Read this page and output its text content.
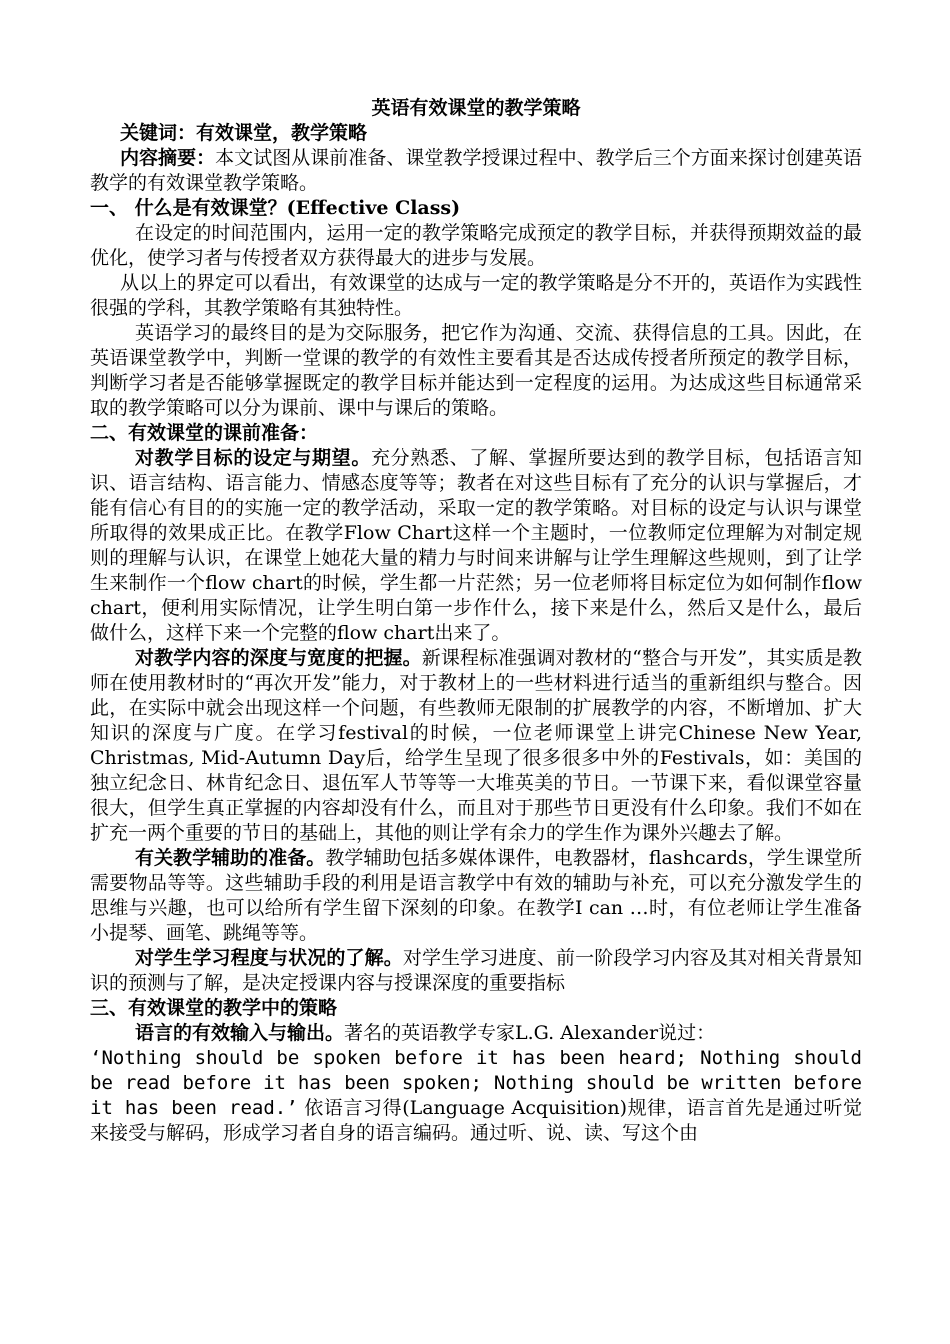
英语有效课堂的教学策略

关键词：有效课堂，教学策略

内容摘要：本文试图从课前准备、课堂教学授课过程中、教学后三个方面来探讨创建英语教学的有效课堂教学策略。

一、 什么是有效课堂？(Effective Class)

在设定的时间范围内，运用一定的教学策略完成预定的教学目标，并获得预期效益的最优化，使学习者与传授者双方获得最大的进步与发展。

从以上的界定可以看出，有效课堂的达成与一定的教学策略是分不开的，英语作为实践性很强的学科，其教学策略有其独特性。

英语学习的最终目的是为交际服务，把它作为沟通、交流、获得信息的工具。因此，在英语课堂教学中，判断一堂课的教学的有效性主要看其是否达成传授者所预定的教学目标，判断学习者是否能够掌握既定的教学目标并能达到一定程度的运用。为达成这些目标通常采取的教学策略可以分为课前、课中与课后的策略。

二、有效课堂的课前准备：

对教学目标的设定与期望。充分熟悉、了解、掌握所要达到的教学目标，包括语言知识、语言结构、语言能力、情感态度等等；教者在对这些目标有了充分的认识与掌握后，才能有信心有目的的实施一定的教学活动，采取一定的教学策略。对目标的设定与认识与课堂所取得的效果成正比。在教学Flow Chart这样一个主题时，一位教师定位理解为对制定规则的理解与认识，在课堂上她花大量的精力与时间来讲解与让学生理解这些规则，到了让学生来制作一个flow chart的时候，学生都一片茫然；另一位老师将目标定位为如何制作flow chart，便利用实际情况，让学生明白第一步作什么，接下来是什么，然后又是什么，最后做什么，这样下来一个完整的flow chart出来了。

对教学内容的深度与宽度的把握。新课程标准强调对教材的“整合与开发”，其实质是教师在使用教材时的“再次开发”能力，对于教材上的一些材料进行适当的重新组织与整合。因此，在实际中就会出现这样一个问题，有些教师无限制的扩展教学的内容，不断增加、扩大知识的深度与广度。在学习festival的时候，一位老师课堂上讲完Chinese New Year, Christmas, Mid-Autumn Day后，给学生呈现了很多很多中外的Festivals，如：美国的独立纪念日、林肯纪念日、退伍军人节等等一大堆英美的节日。一节课下来，看似课堂容量很大，但学生真正掌握的内容却没有什么，而且对于那些节日更没有什么印象。我们不如在扩充一两个重要的节日的基础上，其他的则让学有余力的学生作为课外兴趣去了解。

有关教学辅助的准备。教学辅助包括多媒体课件，电教器材，flashcards，学生课堂所需要物品等等。这些辅助手段的利用是语言教学中有效的辅助与补充，可以充分激发学生的思维与兴趣，也可以给所有学生留下深刻的印象。在教学I can …时，有位老师让学生准备小提琴、画笔、跳绳等等。

对学生学习程度与状况的了解。对学生学习进度、前一阶段学习内容及其对相关背景知识的预测与了解，是决定授课内容与授课深度的重要指标

三、有效课堂的教学中的策略

语言的有效输入与输出。著名的英语教学专家L.G. Alexander说过：

‘Nothing should be spoken before it has been heard; Nothing should be read before it has been spoken; Nothing should be written before it has been read.’ 依语言习得(Language Acquisition)规律，语言首先是通过听觉来接受与解码，形成学习者自身的语言编码。通过听、说、读、写这个由
